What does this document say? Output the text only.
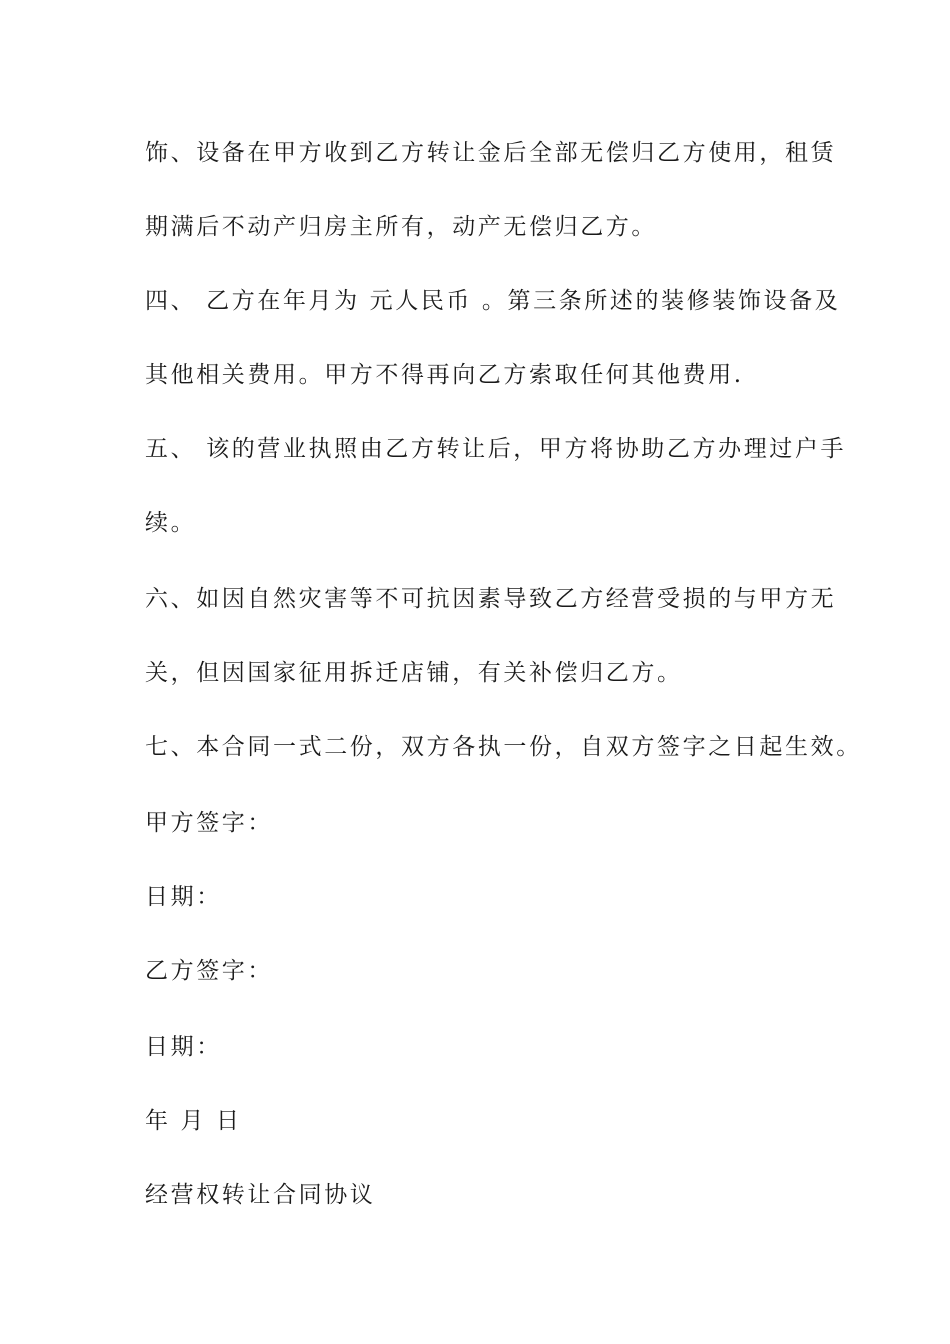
饰、设备在甲方收到乙方转让金后全部无偿归乙方使用，租赁
期满后不动产归房主所有，动产无偿归乙方。
四、 乙方在年月为 元人民币 。第三条所述的装修装饰设备及
其他相关费用。甲方不得再向乙方索取任何其他费用.
五、 该的营业执照由乙方转让后，甲方将协助乙方办理过户手
续。
六、如因自然灾害等不可抗因素导致乙方经营受损的与甲方无
关，但因国家征用拆迁店铺，有关补偿归乙方。
七、本合同一式二份，双方各执一份，自双方签字之日起生效。
甲方签字：
日期：
乙方签字：
日期：
年 月 日
经营权转让合同协议
